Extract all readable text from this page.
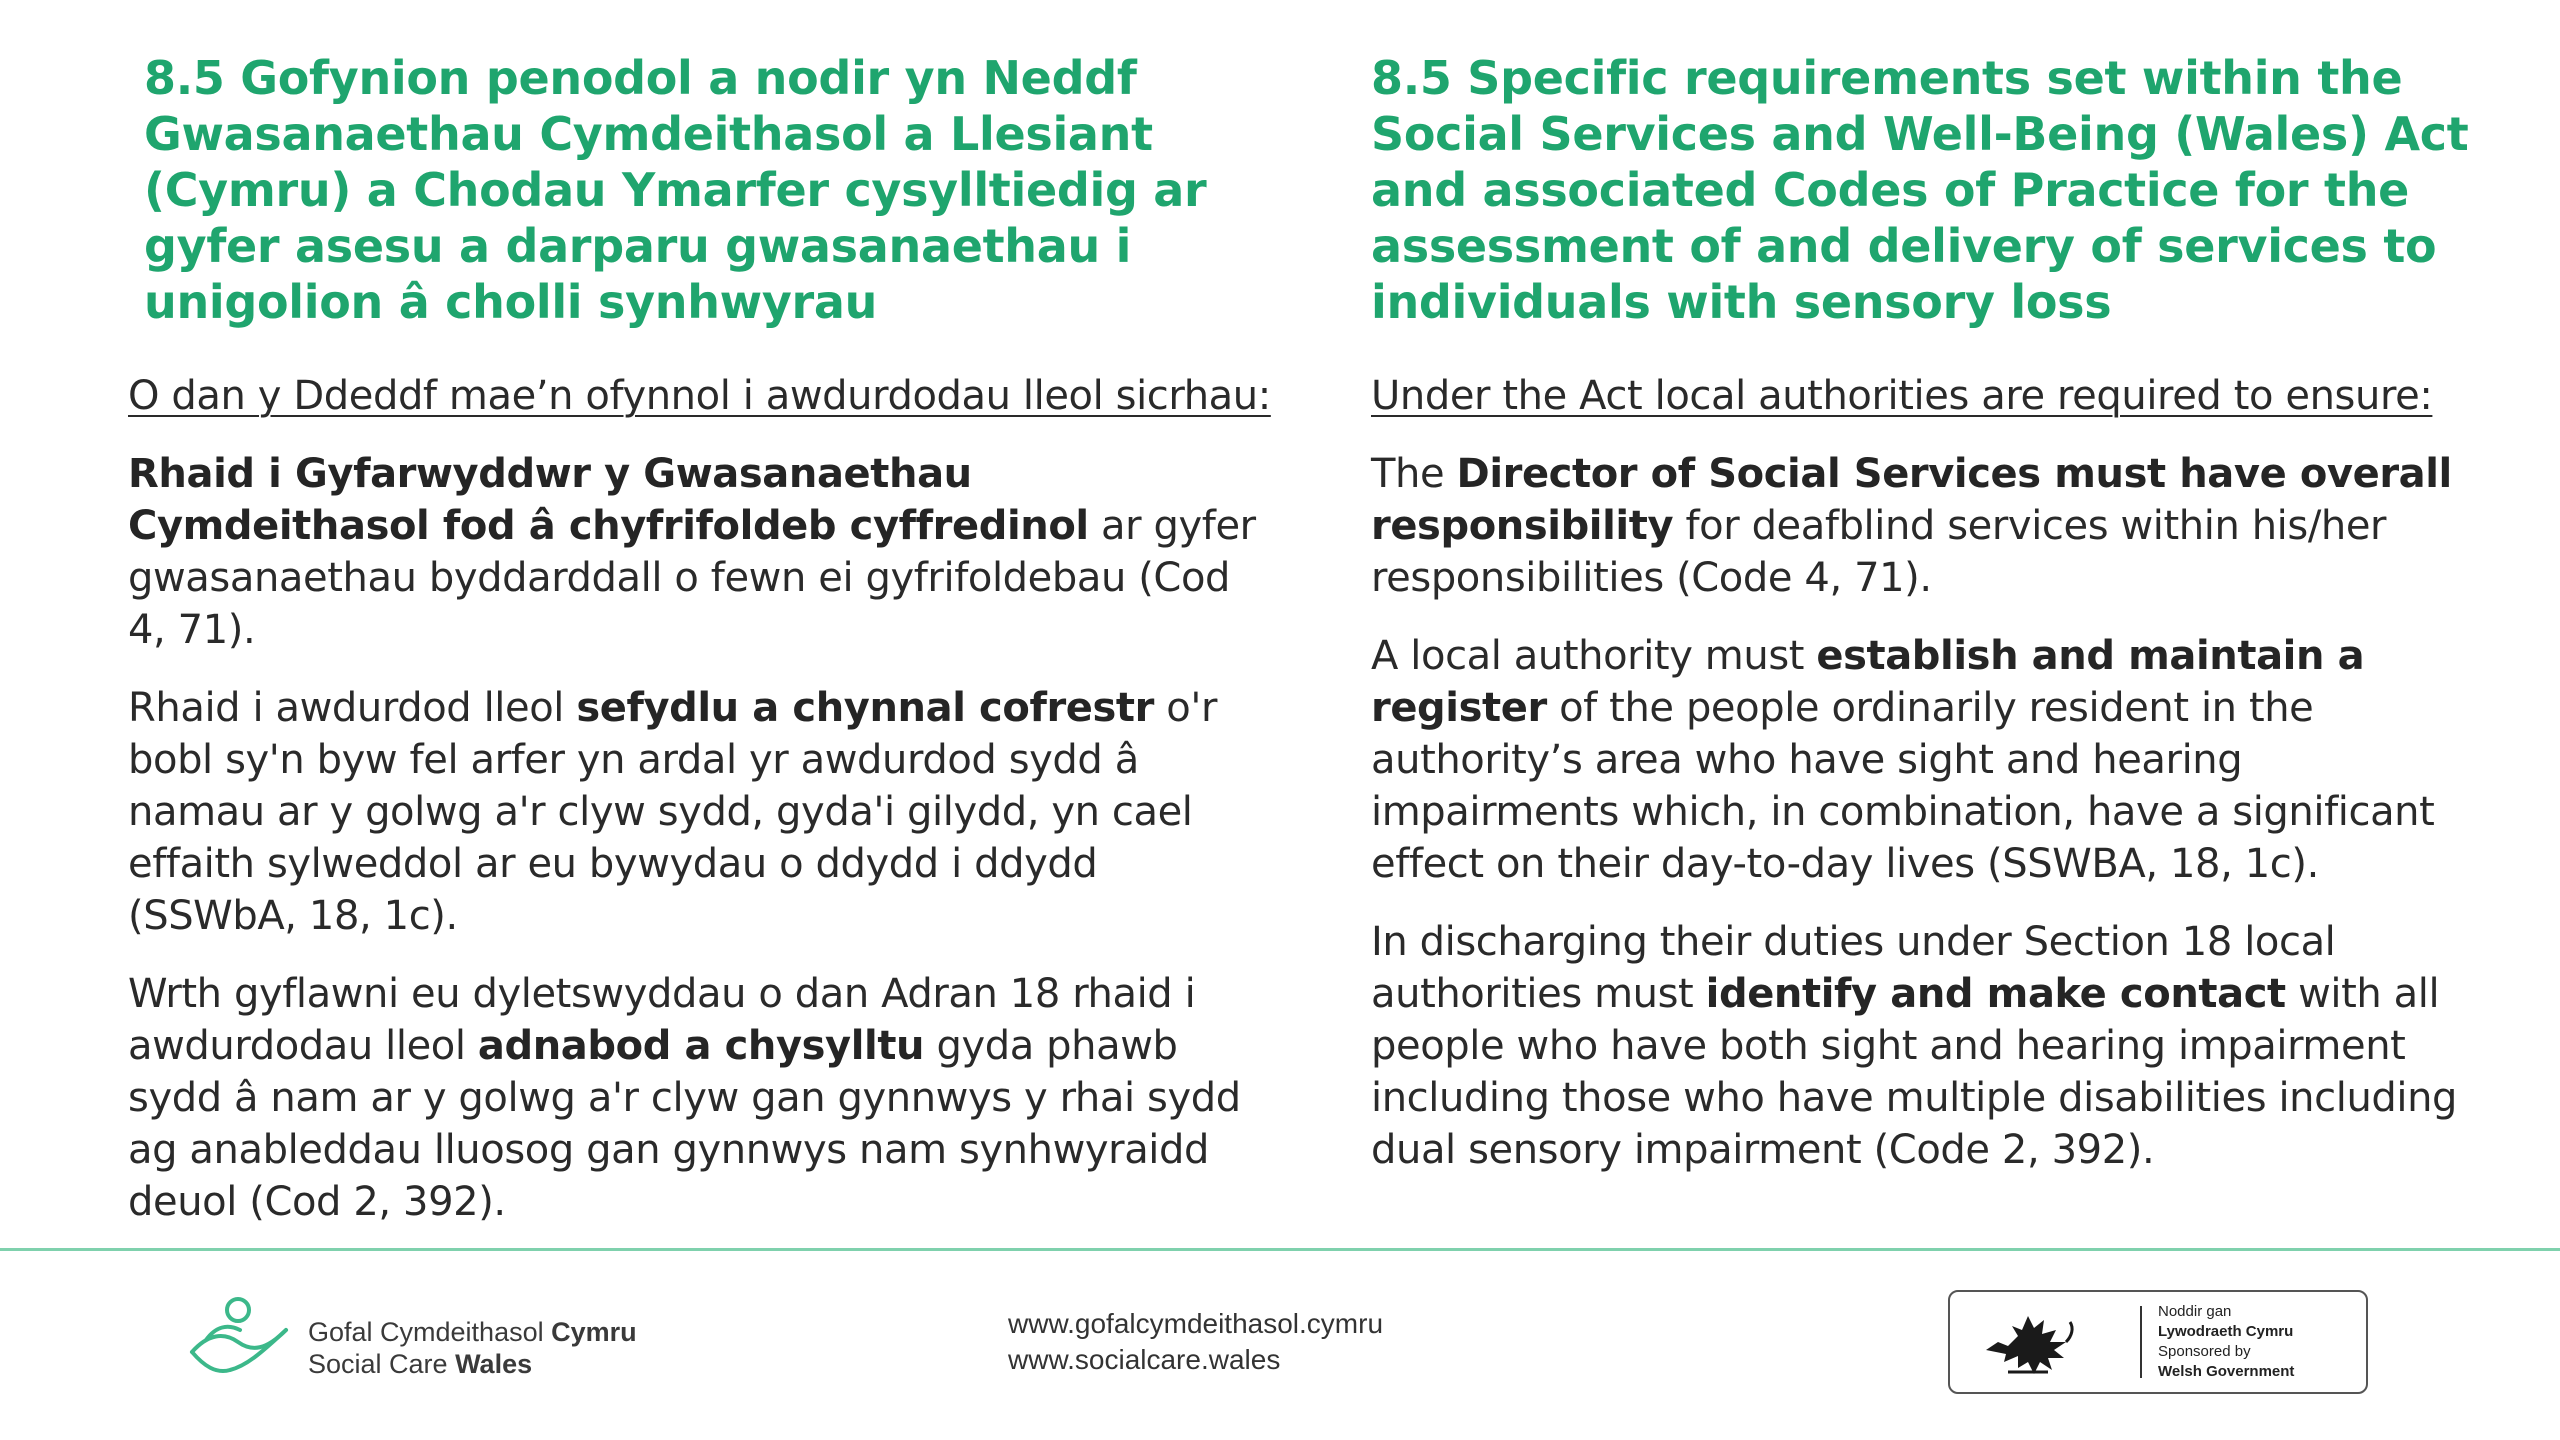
8.5 Gofynion penodol a nodir yn Neddf Gwasanaethau Cymdeithasol a Llesiant (Cymru) a Chodau Ymarfer cysylltiedig ar gyfer asesu a darparu gwasanaethau i unigolion â cholli synhwyrau
O dan y Ddeddf mae’n ofynnol i awdurdodau lleol sicrhau:
Rhaid i Gyfarwyddwr y Gwasanaethau Cymdeithasol fod â chyfrifoldeb cyffredinol ar gyfer gwasanaethau byddarddall o fewn ei gyfrifoldebau (Cod 4, 71).
Rhaid i awdurdod lleol sefydlu a chynnal cofrestr o'r bobl sy'n byw fel arfer yn ardal yr awdurdod sydd â namau ar y golwg a'r clyw sydd, gyda'i gilydd, yn cael effaith sylweddol ar eu bywydau o ddydd i ddydd (SSWbA, 18, 1c).
Wrth gyflawni eu dyletswyddau o dan Adran 18 rhaid i awdurdodau lleol adnabod a chysylltu gyda phawb sydd â nam ar y golwg a'r clyw gan gynnwys y rhai sydd ag anableddau lluosog gan gynnwys nam synhwyraidd deuol (Cod 2, 392).
8.5 Specific requirements set within the Social Services and Well-Being (Wales) Act and associated Codes of Practice for the assessment of and delivery of services to individuals with sensory loss
Under the Act local authorities are required to ensure:
The Director of Social Services must have overall responsibility for deafblind services within his/her responsibilities (Code 4, 71).
A local authority must establish and maintain a register of the people ordinarily resident in the authority’s area who have sight and hearing impairments which, in combination, have a significant effect on their day-to-day lives (SSWBA, 18, 1c).
In discharging their duties under Section 18 local authorities must identify and make contact with all people who have both sight and hearing impairment including those who have multiple disabilities including dual sensory impairment (Code 2, 392).
Gofal Cymdeithasol Cymru
Social Care Wales
www.gofalcymdeithasol.cymru
www.socialcare.wales
Noddir gan
Lywodraeth Cymru
Sponsored by
Welsh Government
